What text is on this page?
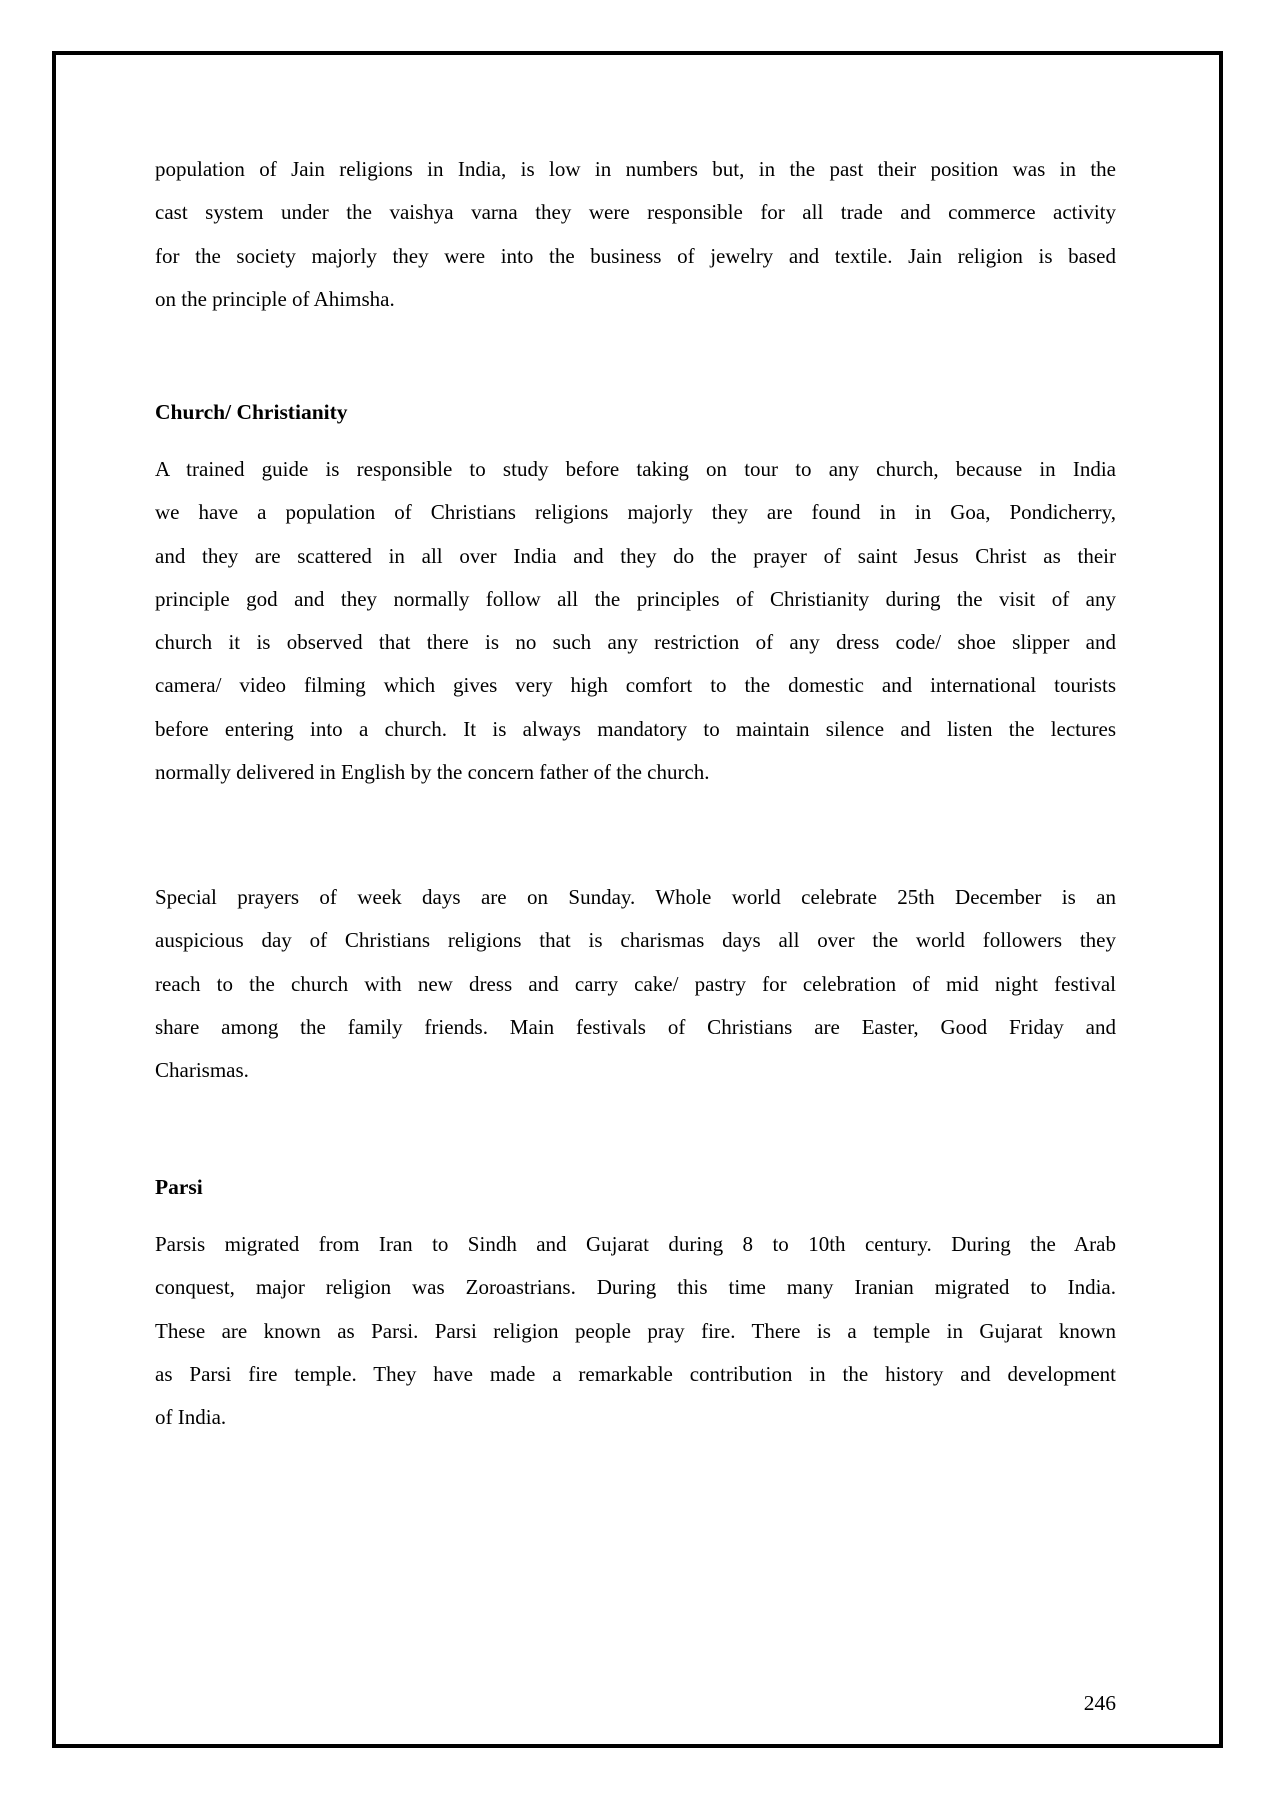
population of Jain religions in India, is low in numbers but, in the past their position was in the
cast system under the vaishya varna they were responsible for all trade and commerce activity
for the society majorly they were into the business of jewelry and textile. Jain religion is based
on the principle of Ahimsha.
Church/ Christianity
A trained guide is responsible to study before taking on tour to any church, because in India
we have a population of Christians religions majorly they are found in in Goa, Pondicherry,
and they are scattered in all over India and they do the prayer of saint Jesus Christ as their
principle god and they normally follow all the principles of Christianity during the visit of any
church it is observed that there is no such any restriction of any dress code/ shoe slipper and
camera/ video filming which gives very high comfort to the domestic and international tourists
before entering into a church. It is always mandatory to maintain silence and listen the lectures
normally delivered in English by the concern father of the church.
Special prayers of week days are on Sunday. Whole world celebrate 25th December is an
auspicious day of Christians religions that is charismas days all over the world followers they
reach to the church with new dress and carry cake/ pastry for celebration of mid night festival
share among the family friends. Main festivals of Christians are Easter, Good Friday and
Charismas.
Parsi
Parsis migrated from Iran to Sindh and Gujarat during 8 to 10th century. During the Arab
conquest, major religion was Zoroastrians. During this time many Iranian migrated to India.
These are known as Parsi. Parsi religion people pray fire. There is a temple in Gujarat known
as Parsi fire temple. They have made a remarkable contribution in the history and development
of India.
246
